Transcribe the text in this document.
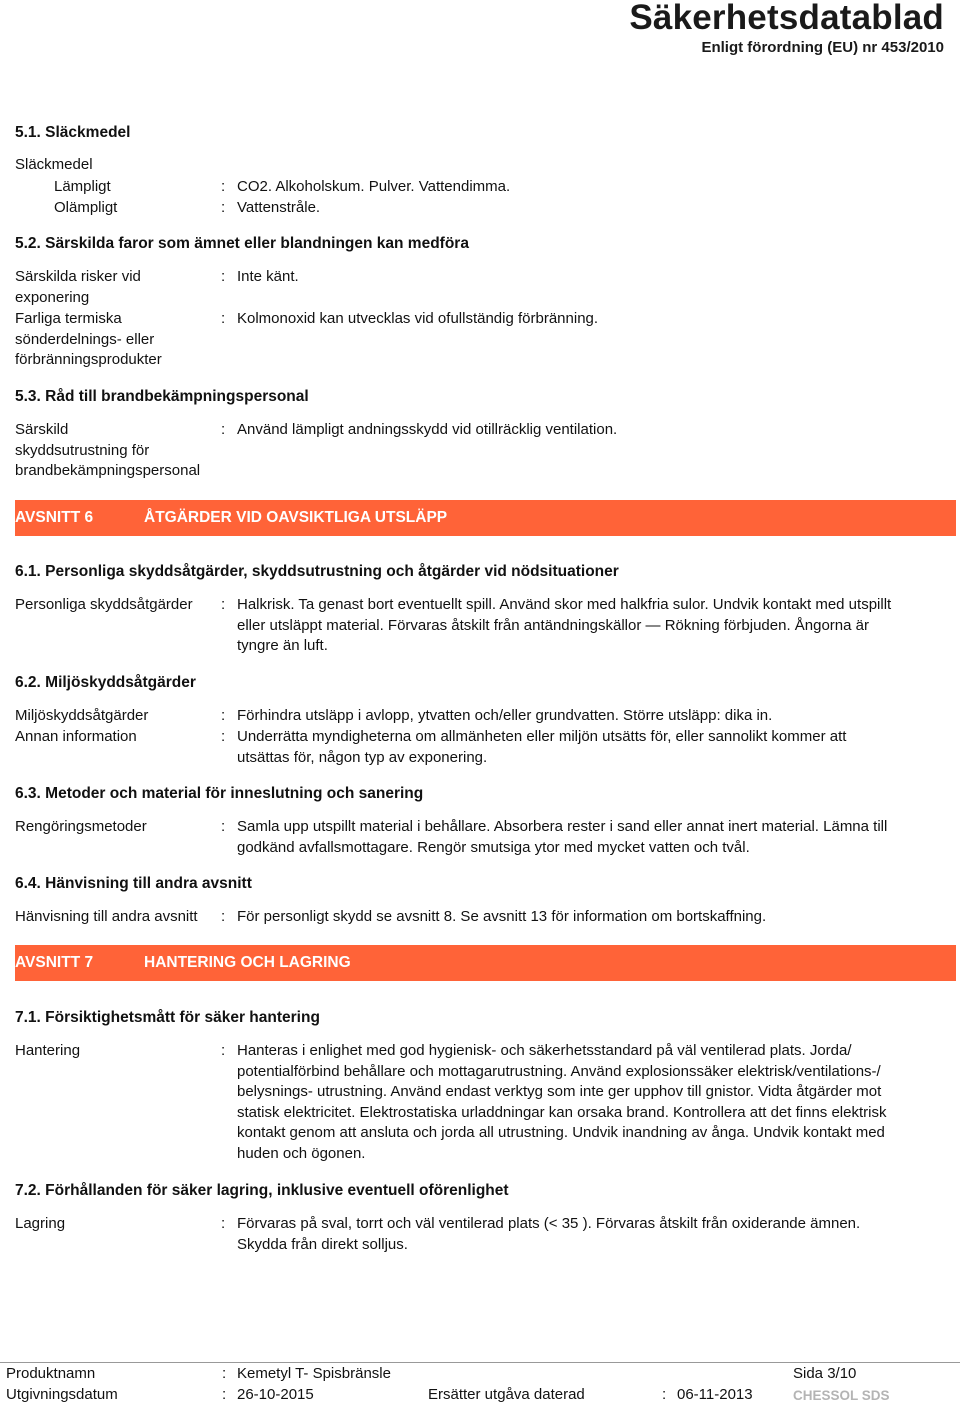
Säkerhetsdatablad
Enligt förordning (EU) nr 453/2010
5.1. Släckmedel
Släckmedel
Lämpligt	: CO2. Alkoholskum. Pulver. Vattendimma.
Olämpligt	: Vattenstråle.
5.2. Särskilda faror som ämnet eller blandningen kan medföra
Särskilda risker vid
exponering
: Inte känt.
Farliga termiska
sönderdelnings- eller
förbränningsprodukter
: Kolmonoxid kan utvecklas vid ofullständig förbränning.
5.3. Råd till brandbekämpningspersonal
Särskild
skyddsutrustning för
brandbekämpningspersonal
: Använd lämpligt andningsskydd vid otillräcklig ventilation.
AVSNITT 6	ÅTGÄRDER VID OAVSIKTLIGA UTSLÄPP
6.1. Personliga skyddsåtgärder, skyddsutrustning och åtgärder vid nödsituationer
Personliga skyddsåtgärder	: Halkrisk. Ta genast bort eventuellt spill. Använd skor med halkfria sulor. Undvik kontakt med utspillt
eller utsläppt material. Förvaras åtskilt från antändningskällor — Rökning förbjuden. Ångorna är
tyngre än luft.
6.2. Miljöskyddsåtgärder
Miljöskyddsåtgärder	: Förhindra utsläpp i avlopp, ytvatten och/eller grundvatten. Större utsläpp: dika in.
Annan information	: Underrätta myndigheterna om allmänheten eller miljön utsätts för, eller sannolikt kommer att
utsättas för, någon typ av exponering.
6.3. Metoder och material för inneslutning och sanering
Rengöringsmetoder	: Samla upp utspillt material i behållare. Absorbera rester i sand eller annat inert material. Lämna till
godkänd avfallsmottagare. Rengör smutsiga ytor med mycket vatten och tvål.
6.4. Hänvisning till andra avsnitt
Hänvisning till andra avsnitt	: För personligt skydd se avsnitt 8. Se avsnitt 13 för information om bortskaffning.
AVSNITT 7	HANTERING OCH LAGRING
7.1. Försiktighetsmått för säker hantering
Hantering	: Hanteras i enlighet med god hygienisk- och säkerhetsstandard på väl ventilerad plats. Jorda/
potentialförbind behållare och mottagarutrustning. Använd explosionssäker elektrisk/ventilations-/
belysnings- utrustning. Använd endast verktyg som inte ger upphov till gnistor. Vidta åtgärder mot
statisk elektricitet. Elektrostatiska urladdningar kan orsaka brand. Kontrollera att det finns elektrisk
kontakt genom att ansluta och jorda all utrustning. Undvik inandning av ånga. Undvik kontakt med
huden och ögonen.
7.2. Förhållanden för säker lagring, inklusive eventuell oförenlighet
Lagring	: Förvaras på sval, torrt och väl ventilerad plats (< 35 ). Förvaras åtskilt från oxiderande ämnen.
Skydda från direkt solljus.
Produktnamn	: Kemetyl T- Spisbränsle	Sida 3/10
Utgivningsdatum	: 26-10-2015	Ersätter utgåva daterad	: 06-11-2013	CHESSOL SDS
